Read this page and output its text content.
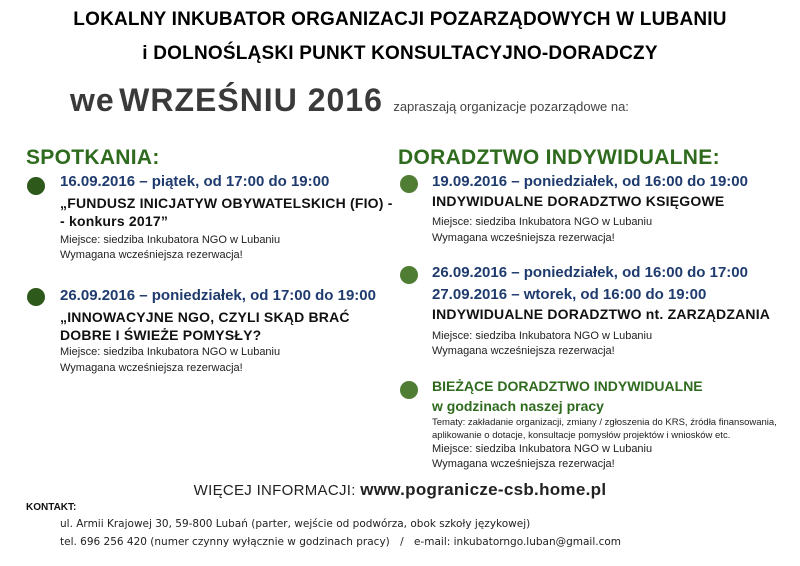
LOKALNY INKUBATOR ORGANIZACJI POZARZĄDOWYCH W LUBANIU
i DOLNOŚLĄSKI PUNKT KONSULTACYJNO-DORADCZY
we WRZEŚNIU 2016 zapraszają organizacje pozarządowe na:
SPOTKANIA:
16.09.2016 – piątek, od 17:00 do 19:00
„FUNDUSZ INICJATYW OBYWATELSKICH (FIO) -
- konkurs 2017”
Miejsce: siedziba Inkubatora NGO w Lubaniu
Wymagana wcześniejsza rezerwacja!
26.09.2016 – poniedziałek, od 17:00 do 19:00
„INNOWACYJNE NGO, CZYLI SKĄD BRAĆ
DOBRE I ŚWIEŻE POMYSŁY?
Miejsce: siedziba Inkubatora NGO w Lubaniu
Wymagana wcześniejsza rezerwacja!
DORADZTWO INDYWIDUALNE:
19.09.2016 – poniedziałek, od 16:00 do 19:00
INDYWIDUALNE DORADZTWO KSIĘGOWE
Miejsce: siedziba Inkubatora NGO w Lubaniu
Wymagana wcześniejsza rezerwacja!
26.09.2016 – poniedziałek, od 16:00 do 17:00
27.09.2016 – wtorek, od 16:00 do 19:00
INDYWIDUALNE DORADZTWO nt. ZARZĄDZANIA
Miejsce: siedziba Inkubatora NGO w Lubaniu
Wymagana wcześniejsza rezerwacja!
BIEŻĄCE DORADZTWO INDYWIDUALNE
w godzinach naszej pracy
Tematy: zakładanie organizacji, zmiany / zgłoszenia do KRS, źródła finansowania,
aplikowanie o dotacje, konsultacje pomysłów projektów i wniosków etc.
Miejsce: siedziba Inkubatora NGO w Lubaniu
Wymagana wcześniejsza rezerwacja!
WIĘCEJ INFORMACJI: www.pogranicze-csb.home.pl
KONTAKT:
ul. Armii Krajowej 30, 59-800 Lubań (parter, wejście od podwórza, obok szkoły językowej)
tel. 696 256 420 (numer czynny wyłącznie w godzinach pracy) / e-mail: inkubatorngo.luban@gmail.com
